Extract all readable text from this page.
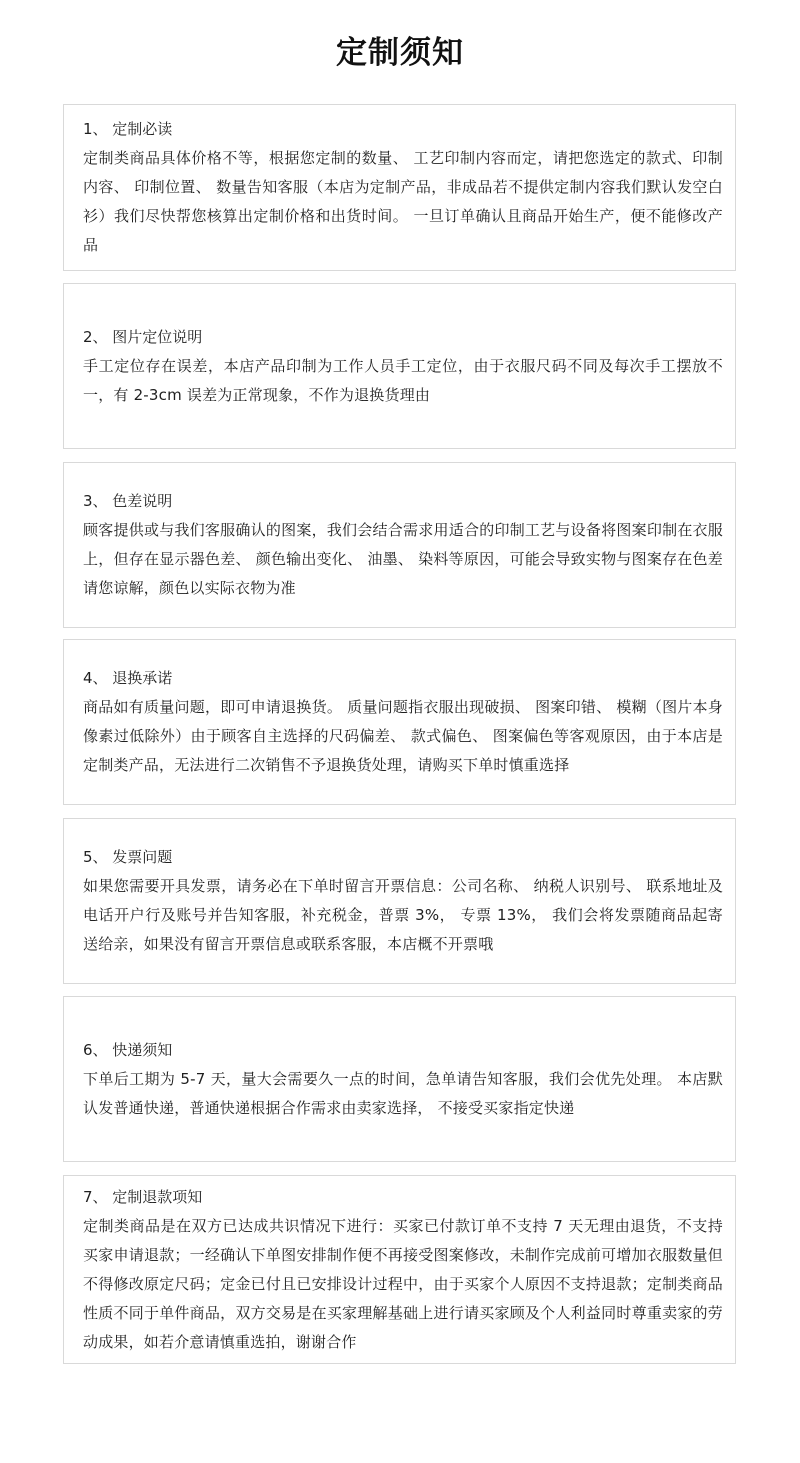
定制须知
1、 定制必读
定制类商品具体价格不等，根据您定制的数量、 工艺印制内容而定，请把您选定的款式、印制内容、 印制位置、 数量告知客服（本店为定制产品，非成品若不提供定制内容我们默认发空白衫）我们尽快帮您核算出定制价格和出货时间。 一旦订单确认且商品开始生产，便不能修改产品
2、 图片定位说明
手工定位存在误差，本店产品印制为工作人员手工定位，由于衣服尺码不同及每次手工摆放不一，有 2-3cm 误差为正常现象，不作为退换货理由
3、 色差说明
顾客提供或与我们客服确认的图案，我们会结合需求用适合的印制工艺与设备将图案印制在衣服上，但存在显示器色差、 颜色输出变化、 油墨、 染料等原因，可能会导致实物与图案存在色差请您谅解，颜色以实际衣物为准
4、 退换承诺
商品如有质量问题，即可申请退换货。 质量问题指衣服出现破损、 图案印错、 模糊（图片本身像素过低除外）由于顾客自主选择的尺码偏差、 款式偏色、 图案偏色等客观原因，由于本店是定制类产品，无法进行二次销售不予退换货处理，请购买下单时慎重选择
5、 发票问题
如果您需要开具发票，请务必在下单时留言开票信息：公司名称、 纳税人识别号、 联系地址及电话开户行及账号并告知客服，补充税金，普票 3%， 专票 13%， 我们会将发票随商品起寄送给亲，如果没有留言开票信息或联系客服，本店概不开票哦
6、 快递须知
下单后工期为 5-7 天，量大会需要久一点的时间，急单请告知客服，我们会优先处理。 本店默认发普通快递，普通快递根据合作需求由卖家选择， 不接受买家指定快递
7、 定制退款项知
定制类商品是在双方已达成共识情况下进行：买家已付款订单不支持 7 天无理由退货，不支持买家申请退款；一经确认下单图安排制作便不再接受图案修改，未制作完成前可增加衣服数量但不得修改原定尺码；定金已付且已安排设计过程中，由于买家个人原因不支持退款；定制类商品性质不同于单件商品，双方交易是在买家理解基础上进行请买家顾及个人利益同时尊重卖家的劳动成果，如若介意请慎重选拍，谢谢合作
